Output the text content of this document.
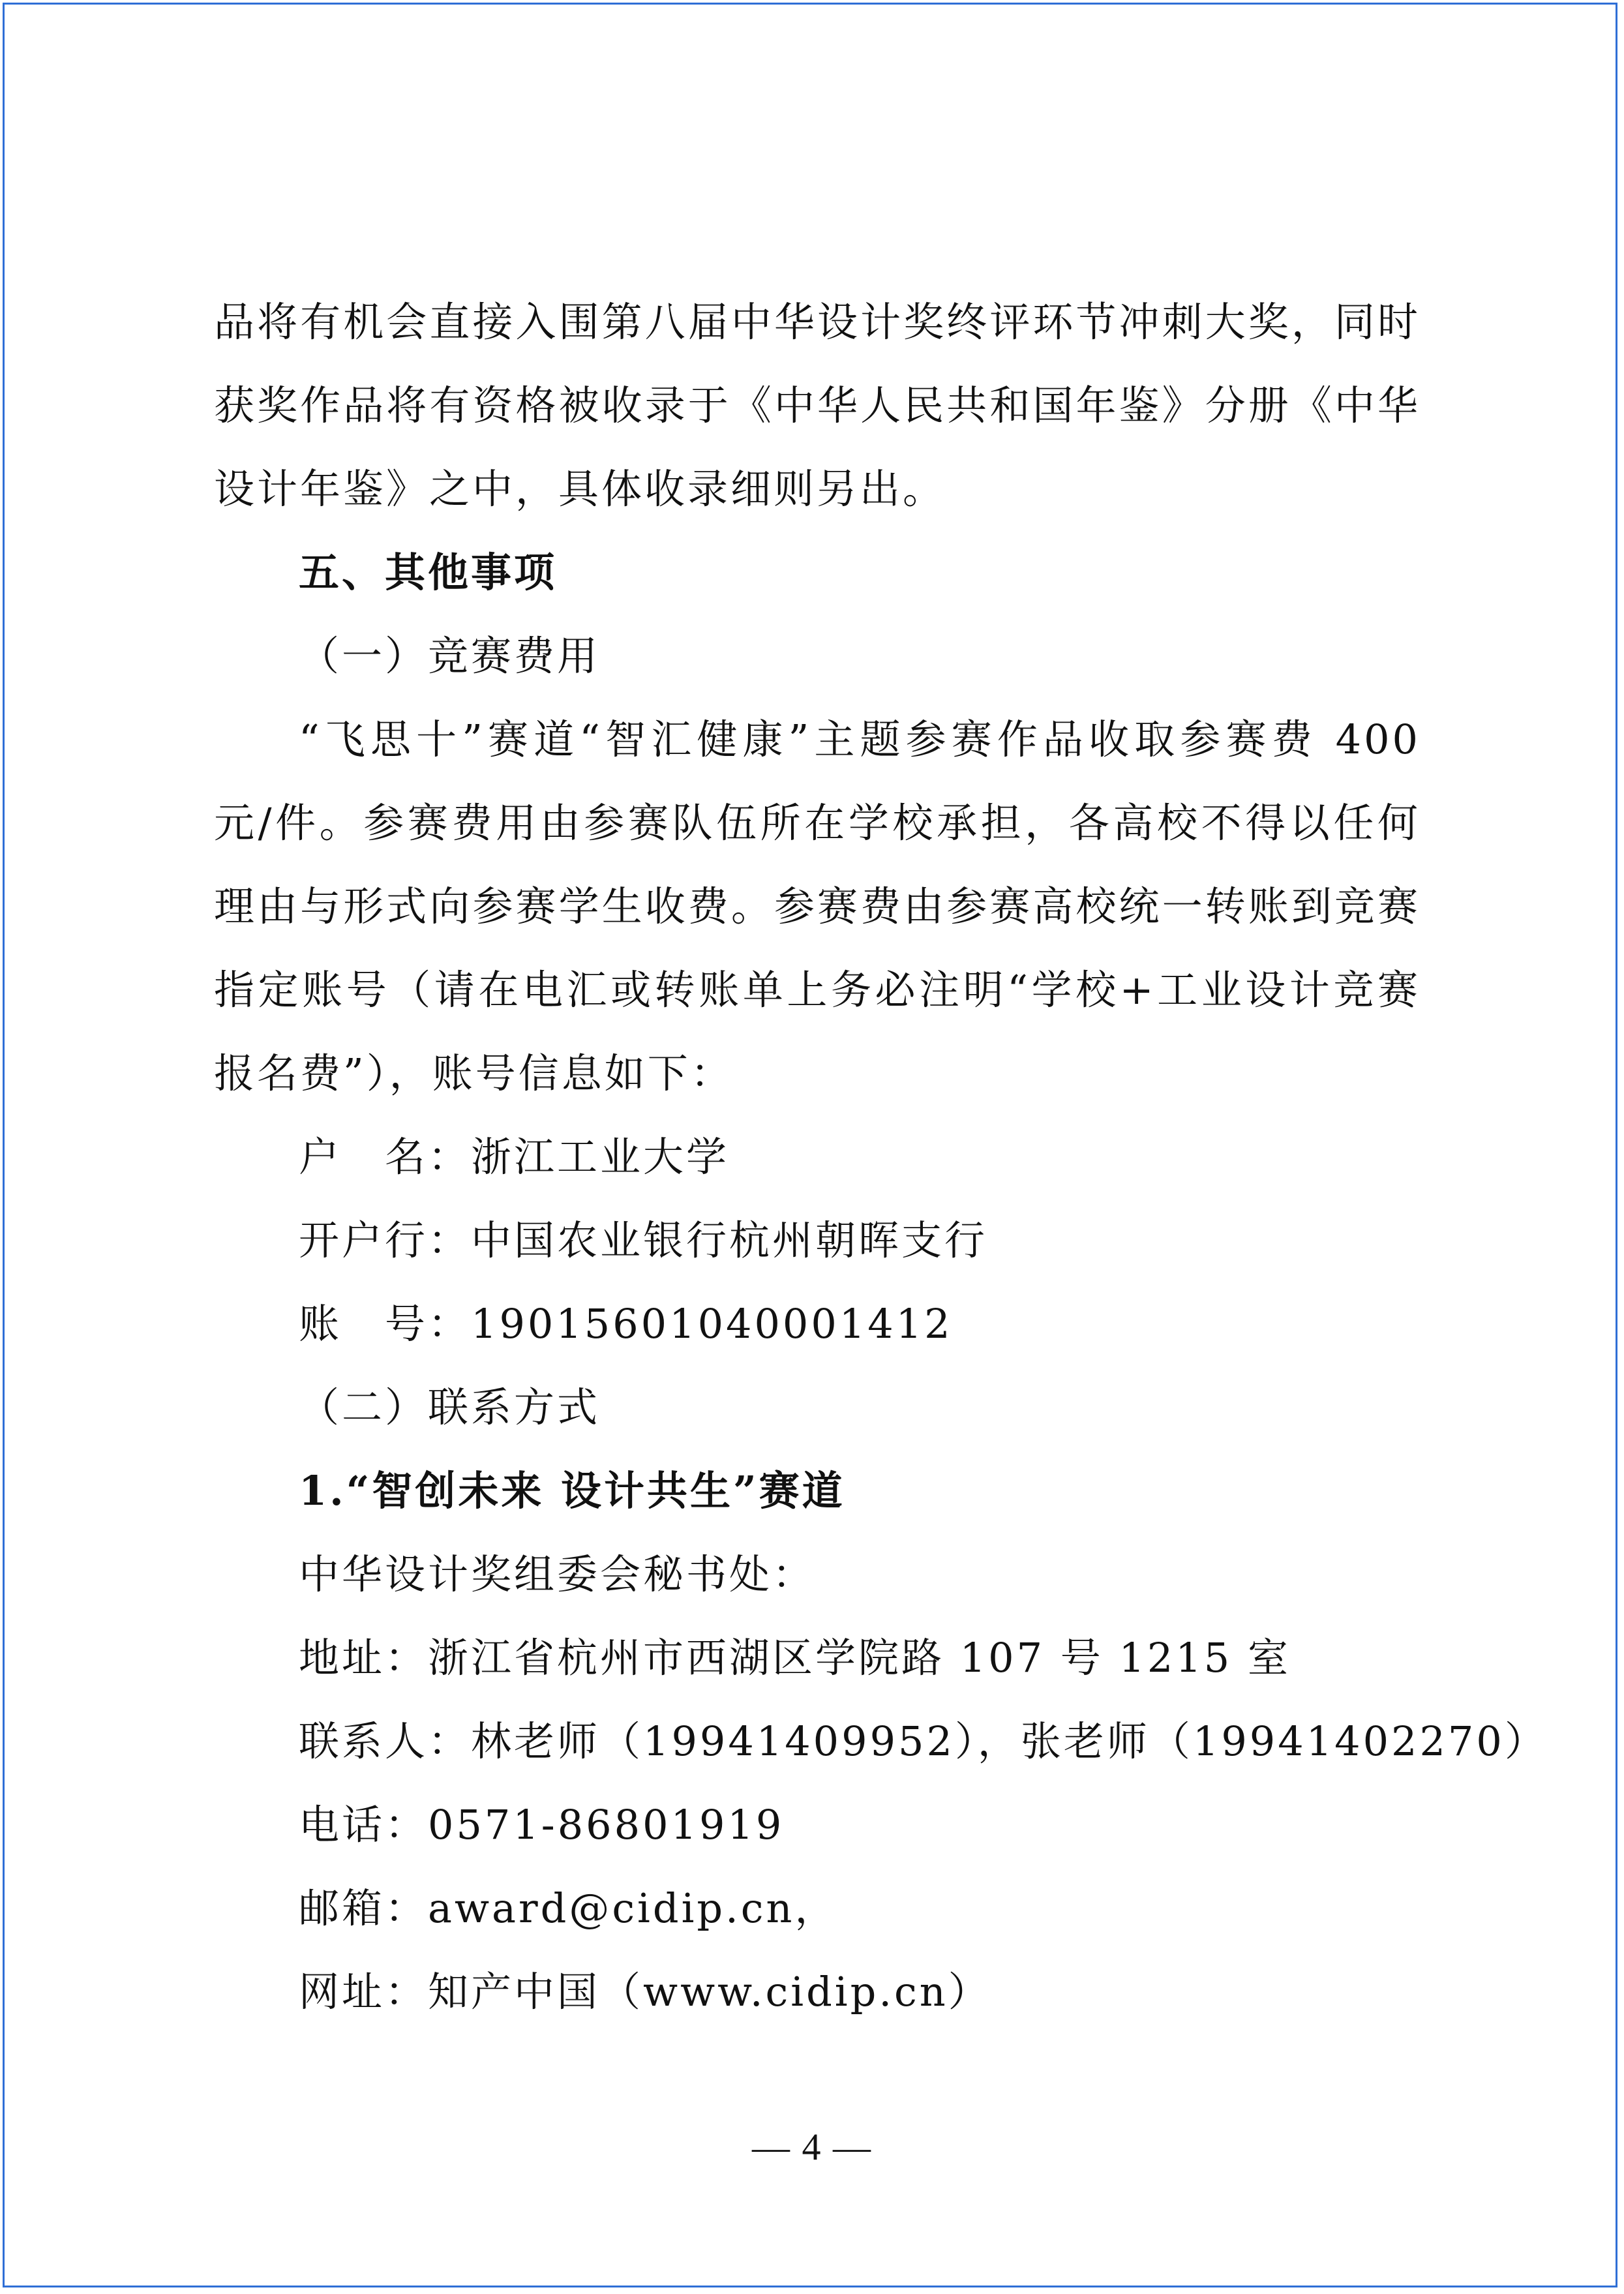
品将有机会直接入围第八届中华设计奖终评环节冲刺大奖，同时
获奖作品将有资格被收录于《中华人民共和国年鉴》分册《中华
设计年鉴》之中，具体收录细则另出。
五、其他事项
（一）竞赛费用
“飞思十”赛道“智汇健康”主题参赛作品收取参赛费 400
元/件。参赛费用由参赛队伍所在学校承担，各高校不得以任何
理由与形式向参赛学生收费。参赛费由参赛高校统一转账到竞赛
指定账号（请在电汇或转账单上务必注明“学校+工业设计竞赛
报名费”），账号信息如下：
户　名：浙江工业大学
开户行：中国农业银行杭州朝晖支行
账　号：19015601040001412
（二）联系方式
1.“智创未来 设计共生”赛道
中华设计奖组委会秘书处：
地址：浙江省杭州市西湖区学院路 107 号 1215 室
联系人：林老师（19941409952），张老师（19941402270）
电话：0571-86801919
邮箱：award@cidip.cn，
网址：知产中国（www.cidip.cn）
— 4 —
